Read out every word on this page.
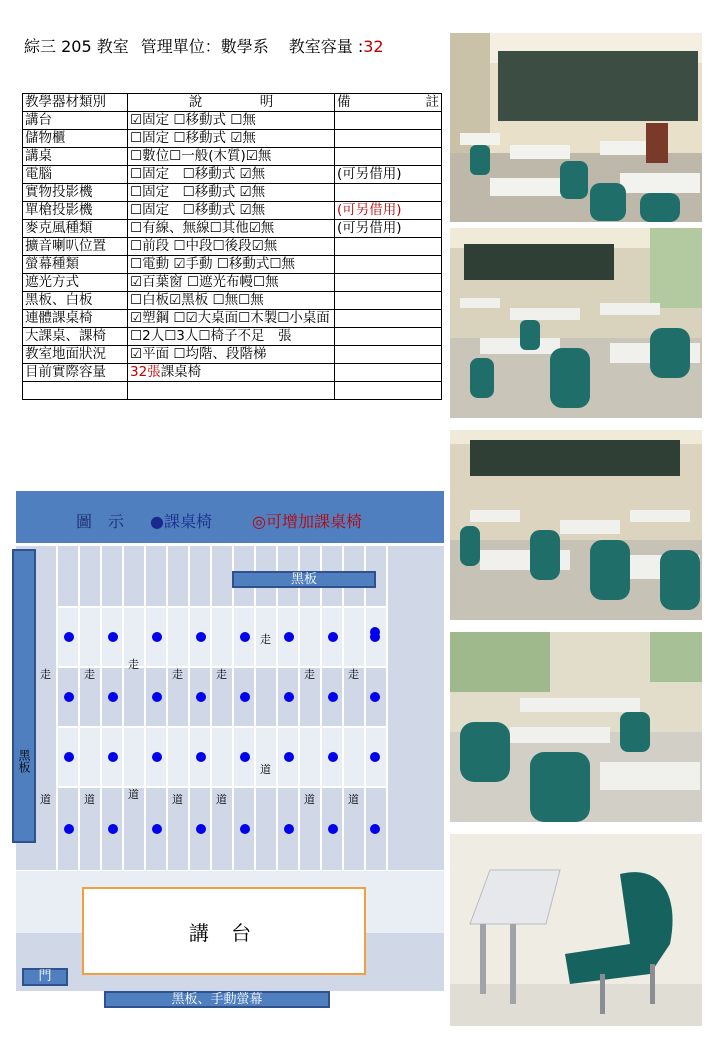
綜三 205 教室 管理單位：數學系 教室容量 :32
教學器材類別	說 明	備 註

講台	☑固定 ☐移動式 ☐無	
儲物櫃	☐固定 ☐移動式 ☑無	
講桌	☐數位☐一般(木質)☑無	
電腦	☐固定　☐移動式 ☑無	(可另借用)
實物投影機	☐固定　☐移動式 ☑無	
單槍投影機	☐固定　☐移動式 ☑無	(可另借用)
麥克風種類	☐有線、無線☐其他☑無	(可另借用)
擴音喇叭位置	☐前段 ☐中段☐後段☑無	
螢幕種類	☐電動 ☑手動 ☐移動式☐無	
遮光方式	☑百葉窗 ☐遮光布幔☐無	
黑板、白板	☐白板☑黑板 ☐無☐無	
連體課桌椅	☑塑鋼 ☐☑大桌面☐木製☐小桌面	
大課桌、課椅	☐2人☐3人☐椅子不足　張	
教室地面狀況	☑平面 ☐均階、段階梯	
目前實際容量	32張課桌椅	

圖　示 ●課桌椅	◎可增加課桌椅
走
道
走
道
走
道
走
道
走
道
走
道
走
道
走
道
黑板
黑板
講 台
門
黑板、手動螢幕
